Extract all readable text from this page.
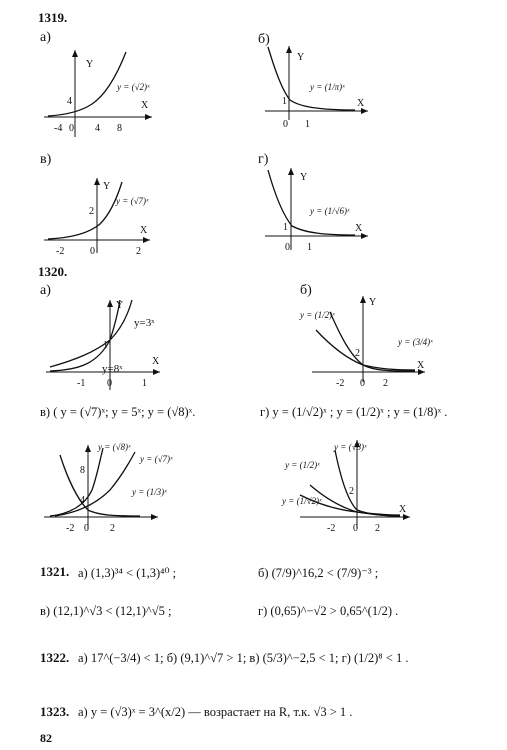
1319.
а)	б)
Y
X
y = (√2)ˣ
4
-4 0 4 8
Y
X
y = (1/π)ˣ
1
0 1
в)	г)
Y
X
y = (√7)ˣ
2
-2	0	2
Y
X
y = (1/√6)ˣ
1
0 1
1320.
а)	б)
Y
X
y=3ˣ
y=8ˣ
1
-1 0	1
Y
X
y = (1/2)ˣ
y = (3/4)ˣ
2
-2 0 2
в) ( y = (√7)ˣ; y = 5ˣ; y = (√8)ˣ.	г) y = (1/√2)ˣ ; y = (1/2)ˣ ; y = (1/8)ˣ .
y = (√8)ˣ
y = (√7)ˣ
y = (1/3)ˣ
8
4
-2 0 2
y = (√8)ˣ
y = (1/2)ˣ
y = (1/√2)ˣ
X
2
-2 0 2
1321. а) (1,3)³⁴ < (1,3)⁴⁰ ;	б) (7/9)^16,2 < (7/9)⁻³ ;
в) (12,1)^√3 < (12,1)^√5 ;	г) (0,65)^−√2 > 0,65^(1/2) .
1322. а) 17^(−3/4) < 1; б) (9,1)^√7 > 1; в) (5/3)^−2,5 < 1; г) (1/2)⁸ < 1 .
1323. а) y = (√3)ˣ = 3^(x/2) — возрастает на R, т.к. √3 > 1 .
82
